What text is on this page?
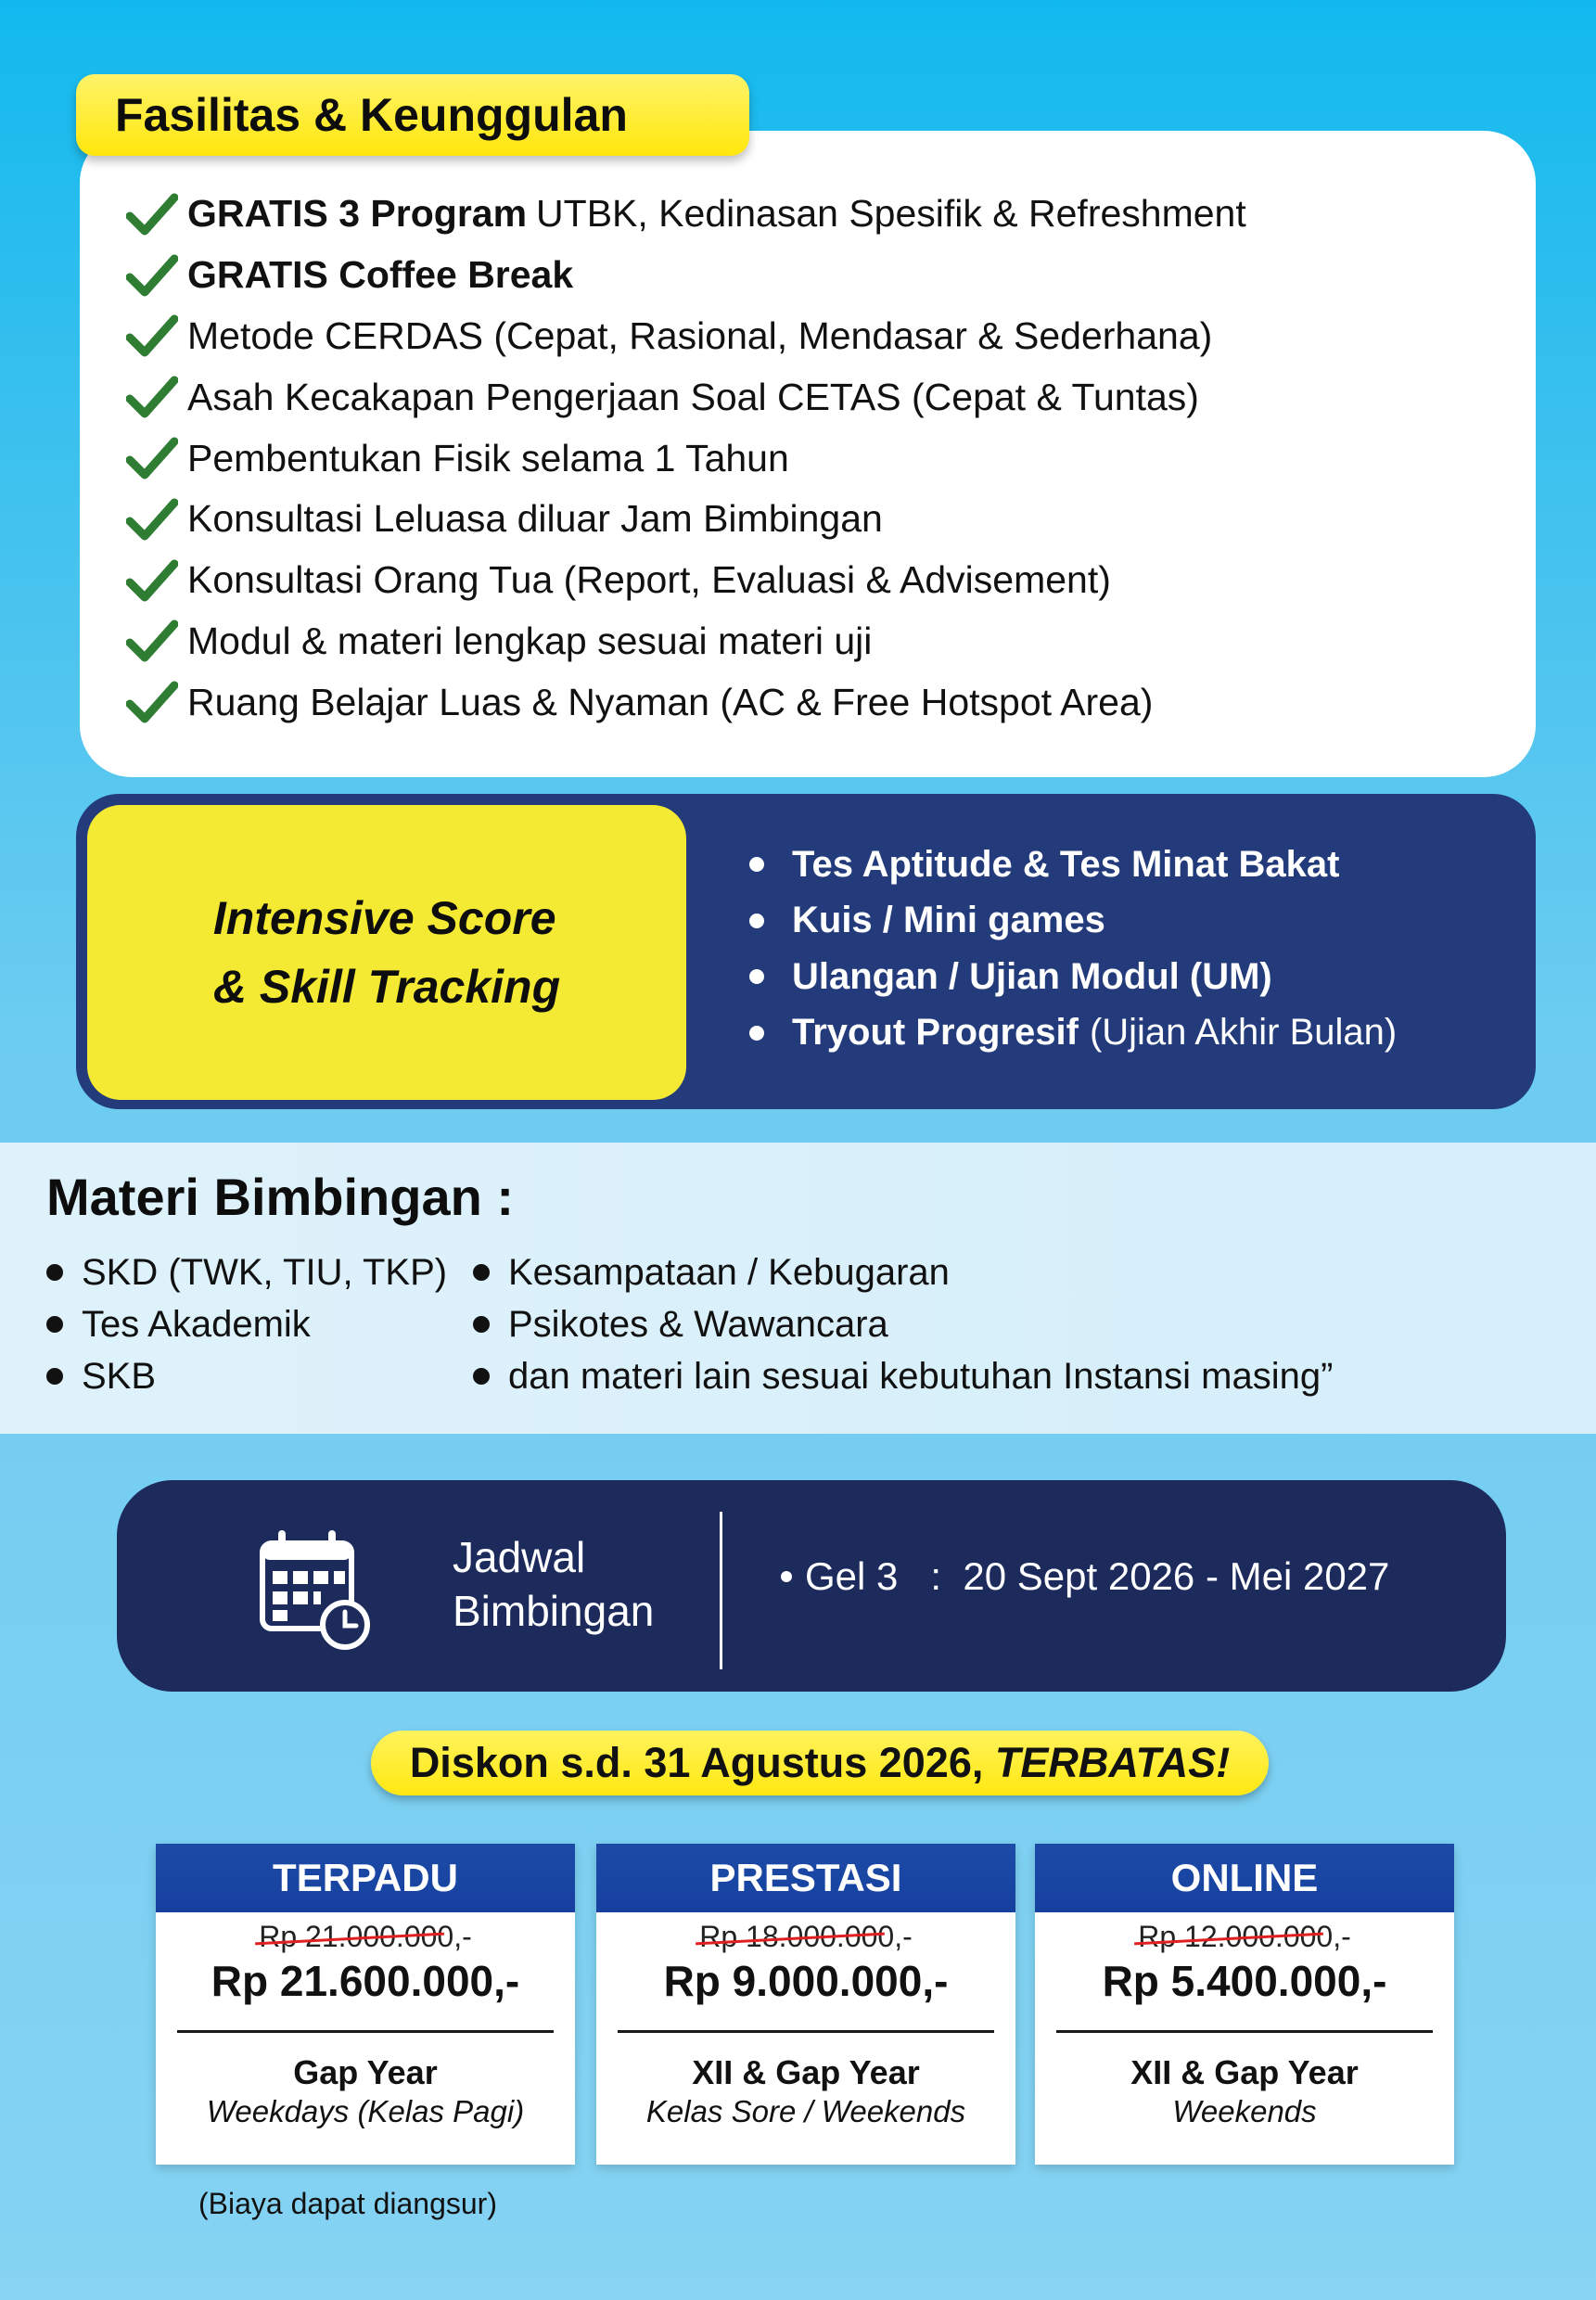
Fasilitas & Keunggulan
GRATIS 3 Program UTBK, Kedinasan Spesifik & Refreshment
GRATIS Coffee Break
Metode CERDAS (Cepat, Rasional, Mendasar & Sederhana)
Asah Kecakapan Pengerjaan Soal CETAS (Cepat & Tuntas)
Pembentukan Fisik selama 1 Tahun
Konsultasi Leluasa diluar Jam Bimbingan
Konsultasi Orang Tua (Report, Evaluasi & Advisement)
Modul & materi lengkap sesuai materi uji
Ruang Belajar Luas & Nyaman (AC & Free Hotspot Area)
Intensive Score
& Skill Tracking
Tes Aptitude & Tes Minat Bakat
Kuis / Mini games
Ulangan / Ujian Modul (UM)
Tryout Progresif (Ujian Akhir Bulan)
Materi Bimbingan :
SKD (TWK, TIU, TKP)
Tes Akademik
SKB
Kesampataan / Kebugaran
Psikotes & Wawancara
dan materi lain sesuai kebutuhan Instansi masing”
Jadwal
Bimbingan
Gel 3   :  20 Sept 2026 - Mei 2027
Diskon s.d. 31 Agustus 2026, TERBATAS!
TERPADU
Rp 21.000.000,-
Rp 21.600.000,-
Gap Year
Weekdays (Kelas Pagi)
PRESTASI
Rp 18.000.000,-
Rp 9.000.000,-
XII & Gap Year
Kelas Sore / Weekends
ONLINE
Rp 12.000.000,-
Rp 5.400.000,-
XII & Gap Year
Weekends
(Biaya dapat diangsur)
